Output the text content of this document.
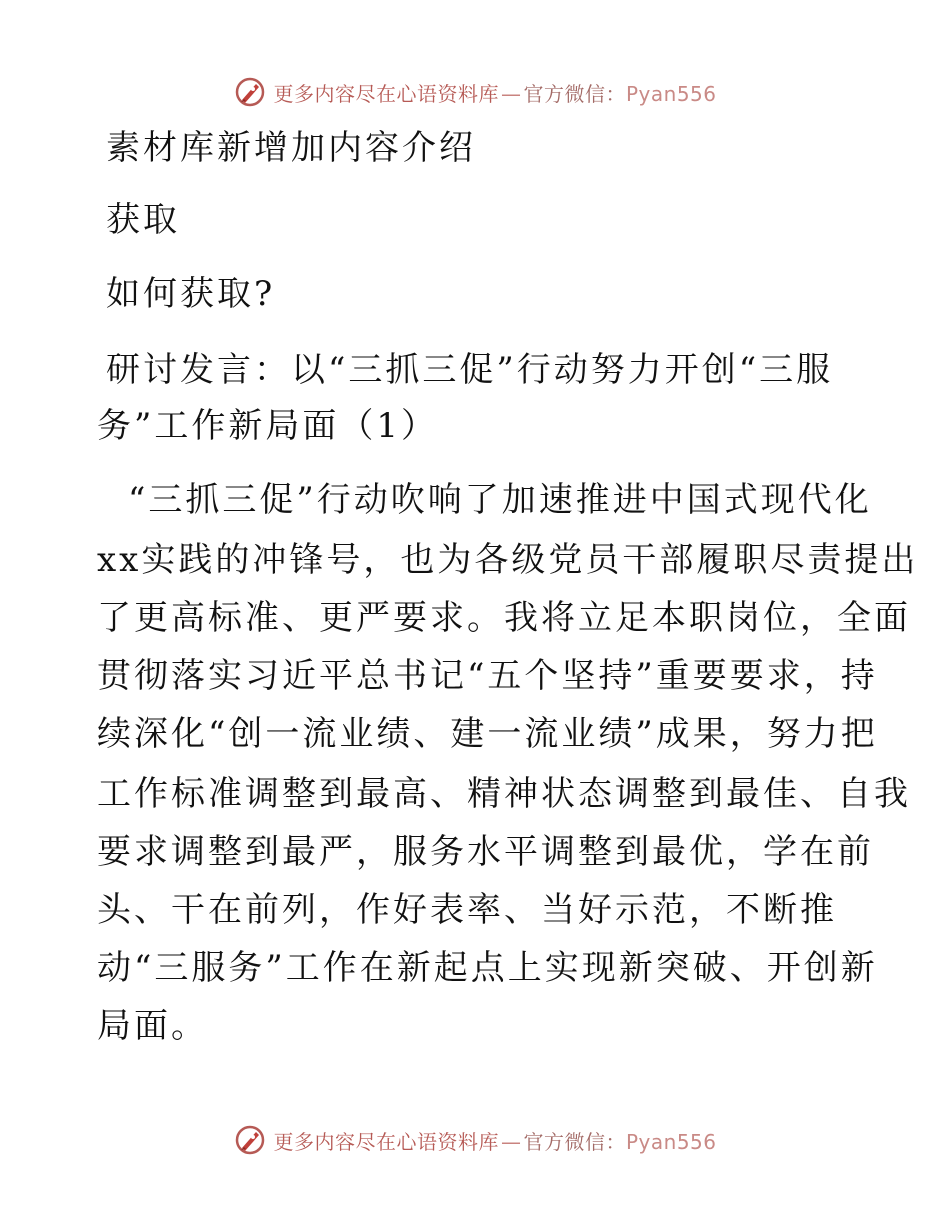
更多内容尽在心语资料库 — 官方微信：Pyan556
素材库新增加内容介绍
获取
如何获取?
研讨发言：以“三抓三促”行动努力开创“三服
务”工作新局面（1）
“三抓三促”行动吹响了加速推进中国式现代化
xx实践的冲锋号，也为各级党员干部履职尽责提出
了更高标准、更严要求。我将立足本职岗位，全面
贯彻落实习近平总书记“五个坚持”重要要求，持
续深化“创一流业绩、建一流业绩”成果，努力把
工作标准调整到最高、精神状态调整到最佳、自我
要求调整到最严，服务水平调整到最优，学在前
头、干在前列，作好表率、当好示范，不断推
动“三服务”工作在新起点上实现新突破、开创新
局面。
更多内容尽在心语资料库 — 官方微信：Pyan556
